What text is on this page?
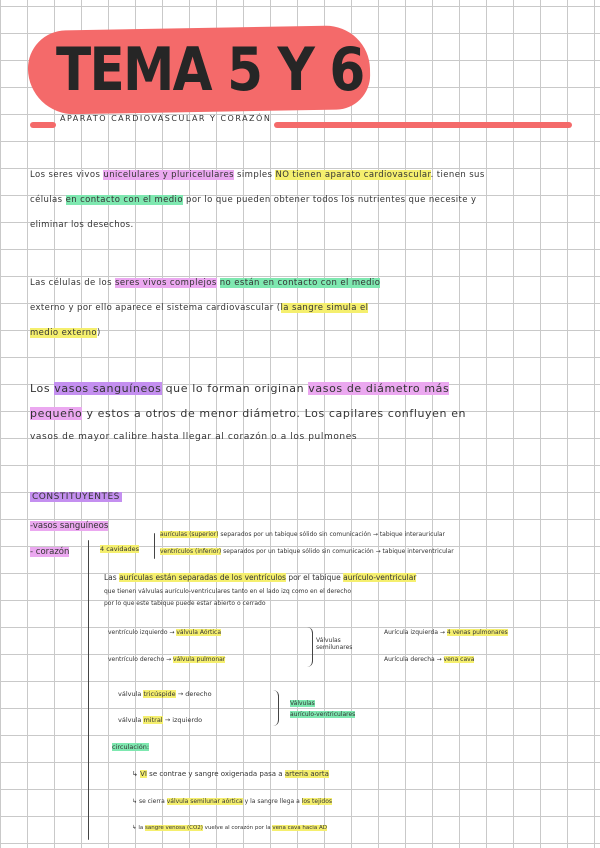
TEMA 5 Y 6
APARATO CARDIOVASCULAR Y CORAZÓN
Los seres vivos unicelulares y pluricelulares simples NO tienen aparato cardiovascular. tienen sus
células en contacto con el medio por lo que pueden obtener todos los nutrientes que necesite y
eliminar los desechos.
Las células de los seres vivos complejos no están en contacto con el medio
externo y por ello aparece el sistema cardiovascular (la sangre simula el
medio externo)
Los vasos sanguíneos que lo forman originan vasos de diámetro más
pequeño y estos a otros de menor diámetro. Los capilares confluyen en
vasos de mayor calibre hasta llegar al corazón o a los pulmones
CONSTITUYENTES
-vasos sanguíneos
- corazón	4 cavidades
aurículas (superior) separados por un tabique sólido sin comunicación → tabique interauricular
ventrículos (inferior) separados por un tabique sólido sin comunicación → tabique interventricular
Las aurículas están separadas de los ventrículos por el tabique aurículo-ventricular
que tienen válvulas aurículo-ventriculares tanto en el lado izq como en el derecho
por lo que este tabique puede estar abierto o cerrado
ventrículo izquierdo → válvula Aórtica
ventrículo derecho → válvula pulmonar
Válvulas semilunares
Aurícula izquierda → 4 venas pulmonares
Aurícula derecha → vena cava
válvula tricúspide → derecho
válvula mitral → izquierdo
Válvulas
aurículo-ventriculares
circulación:
↳ VI se contrae y sangre oxigenada pasa a arteria aorta
↳ se cierra válvula semilunar aórtica y la sangre llega a los tejidos
↳ la sangre venosa (CO2) vuelve al corazón por la vena cava hacia AD
